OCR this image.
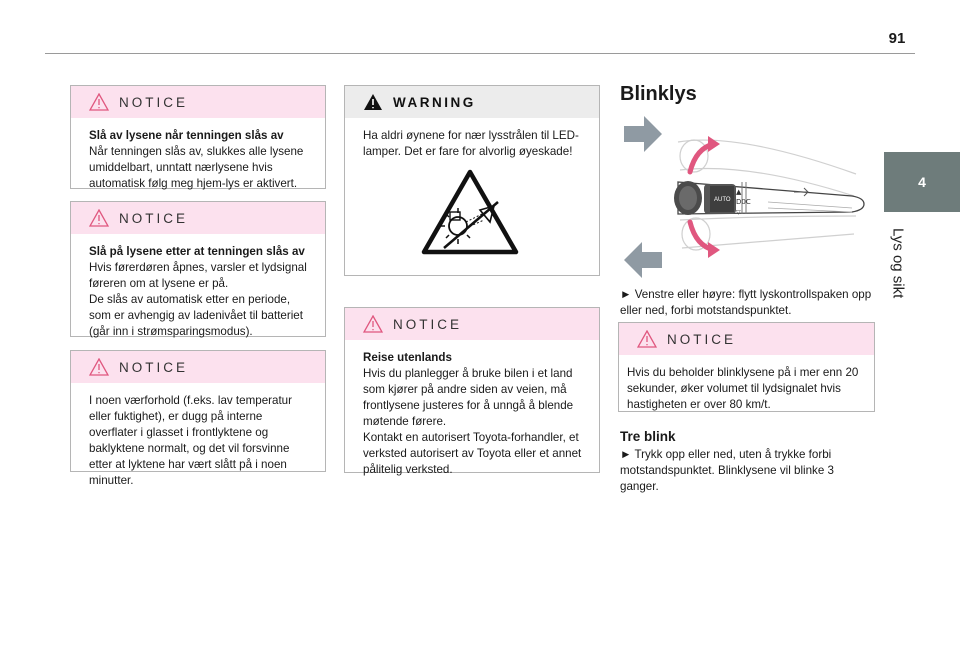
91
4
Lys og sikt
NOTICE
Slå av lysene når tenningen slås av

Når tenningen slås av, slukkes alle lysene umiddelbart, unntatt nærlysene hvis automatisk følg meg hjem-lys er aktivert.

NOTICE
Slå på lysene etter at tenningen slås av

Hvis førerdøren åpnes, varsler et lydsignal føreren om at lysene er på.

De slås av automatisk etter en periode, som er avhengig av ladenivået til batteriet (går inn i strømsparingsmodus).

NOTICE

I noen værforhold (f.eks. lav temperatur eller fuktighet), er dugg på interne overflater i glasset i frontlyktene og baklyktene normalt, og det vil forsvinne etter at lyktene har vært slått på i noen minutter.

WARNING

Ha aldri øynene for nær lysstrålen til LED-lamper. Det er fare for alvorlig øyeskade!

NOTICE
Reise utenlands

Hvis du planlegger å bruke bilen i et land som kjører på andre siden av veien, må frontlysene justeres for å unngå å blende møtende førere.

Kontakt en autorisert Toyota-forhandler, et verksted autorisert av Toyota eller et annet pålitelig verksted.

Blinklys
AUTO
▲
D0C
▽
► Venstre eller høyre: flytt lyskontrollspaken opp eller ned, forbi motstandspunktet.
NOTICE

Hvis du beholder blinklysene på i mer enn 20 sekunder, øker volumet til lydsignalet hvis hastigheten er over 80 km/t.

Tre blink
► Trykk opp eller ned, uten å trykke forbi motstandspunktet. Blinklysene vil blinke 3 ganger.
